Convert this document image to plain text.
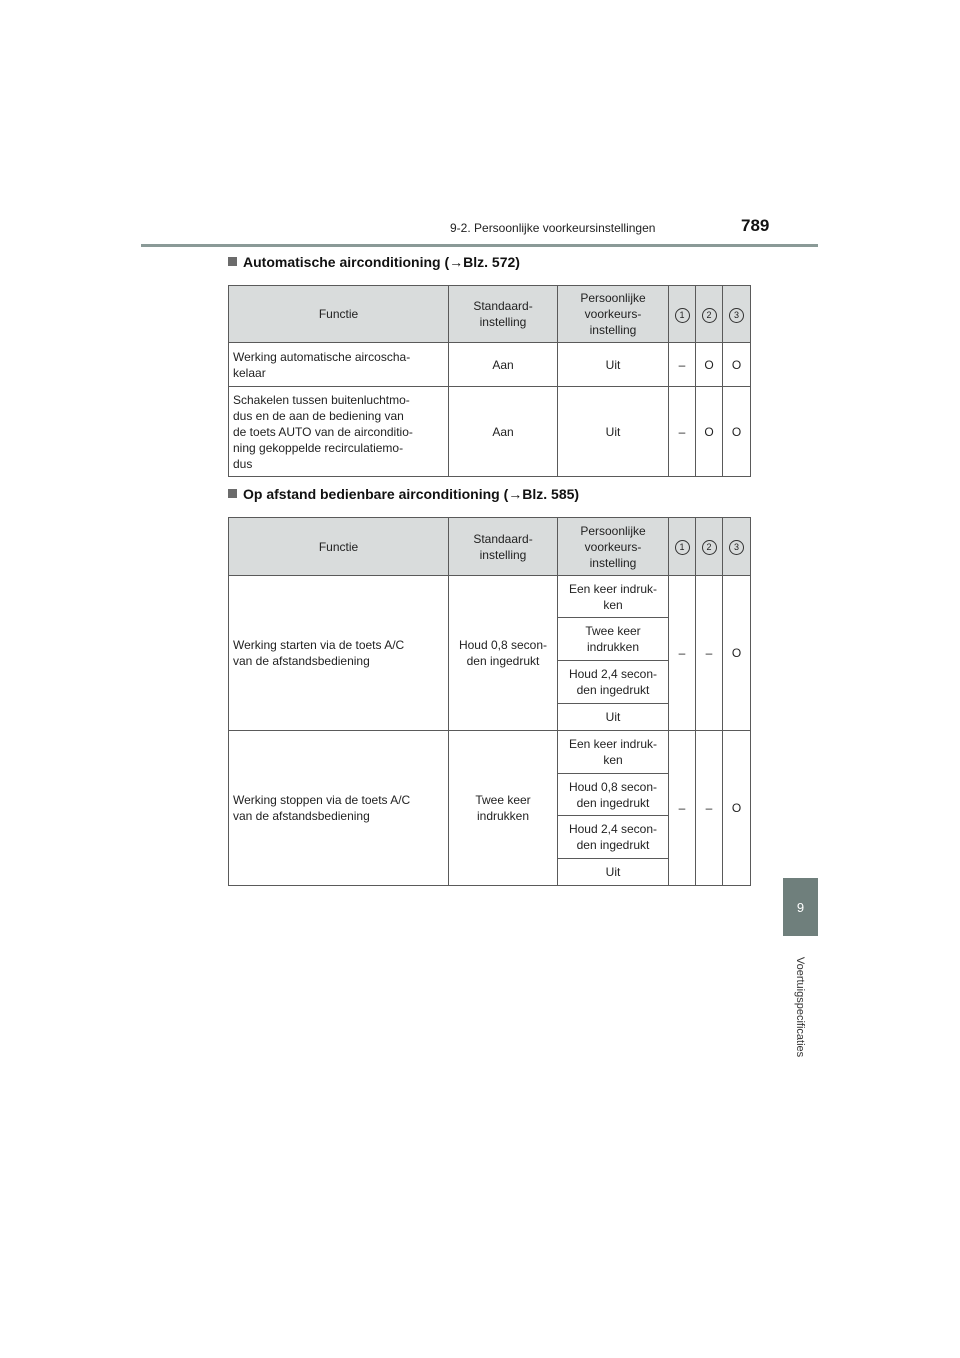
9-2. Persoonlijke voorkeursinstellingen	789
9
Voertuigspecificaties
Automatische airconditioning (→Blz. 572)
Functie	Standaard-
instelling	Persoonlijke
voorkeurs-
instelling	1	2	3
Werking automatische aircoscha-
kelaar	Aan	Uit	–	O	O
Schakelen tussen buitenluchtmo-
dus en de aan de bediening van
de toets AUTO van de airconditio-
ning gekoppelde recirculatiemo-
dus	Aan	Uit	–	O	O
Op afstand bedienbare airconditioning (→Blz. 585)
Functie	Standaard-
instelling	Persoonlijke
voorkeurs-
instelling	1	2	3
Werking starten via de toets A/C
van de afstandsbediening	Houd 0,8 secon-
den ingedrukt	Een keer indruk-
ken	–	–	O
		Twee keer
indrukken			
		Houd 2,4 secon-
den ingedrukt			
		Uit			
Werking stoppen via de toets A/C
van de afstandsbediening	Twee keer
indrukken	Een keer indruk-
ken	–	–	O
		Houd 0,8 secon-
den ingedrukt			
		Houd 2,4 secon-
den ingedrukt			
		Uit			
